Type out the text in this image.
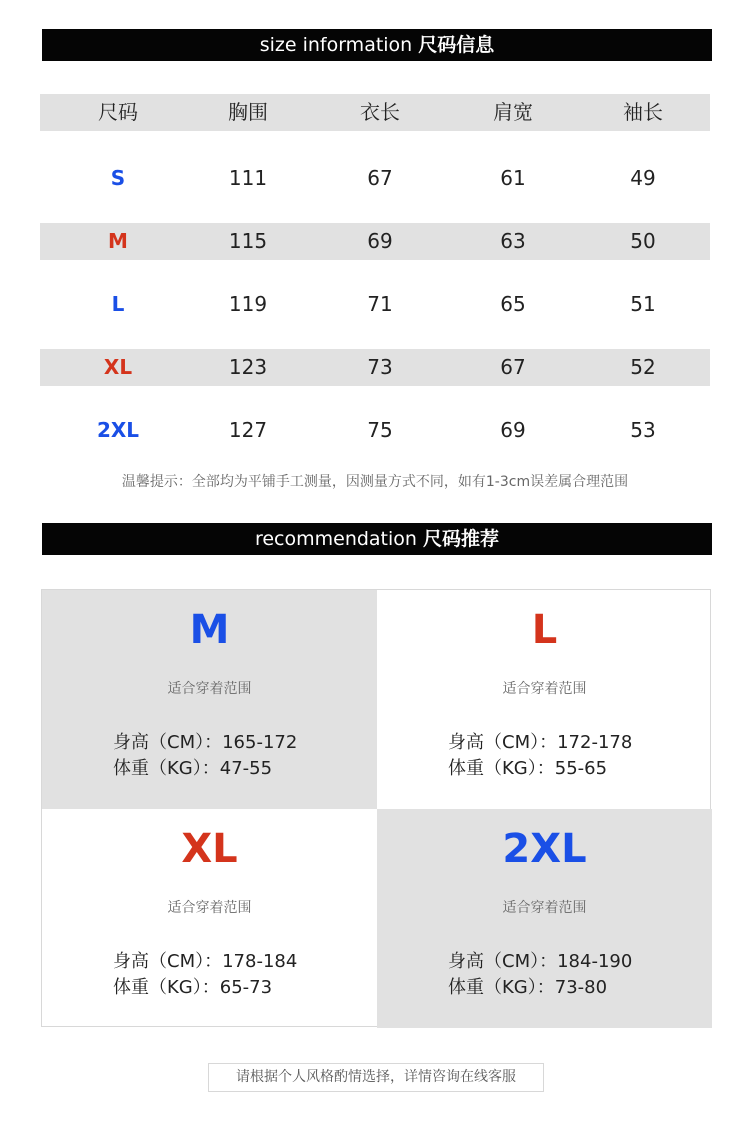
size information 尺码信息
尺码	胸围	衣长	肩宽	袖长
S	111	67	61	49
M	115	69	63	50
L	119	71	65	51
XL	123	73	67	52
2XL	127	75	69	53
温馨提示：全部均为平铺手工测量，因测量方式不同，如有1-3cm误差属合理范围
recommendation 尺码推荐
M
适合穿着范围
身高（CM）：165-172
体重（KG）：47-55
L
适合穿着范围
身高（CM）：172-178
体重（KG）：55-65
XL
适合穿着范围
身高（CM）：178-184
体重（KG）：65-73
2XL
适合穿着范围
身高（CM）：184-190
体重（KG）：73-80
请根据个人风格酌情选择，详情咨询在线客服
